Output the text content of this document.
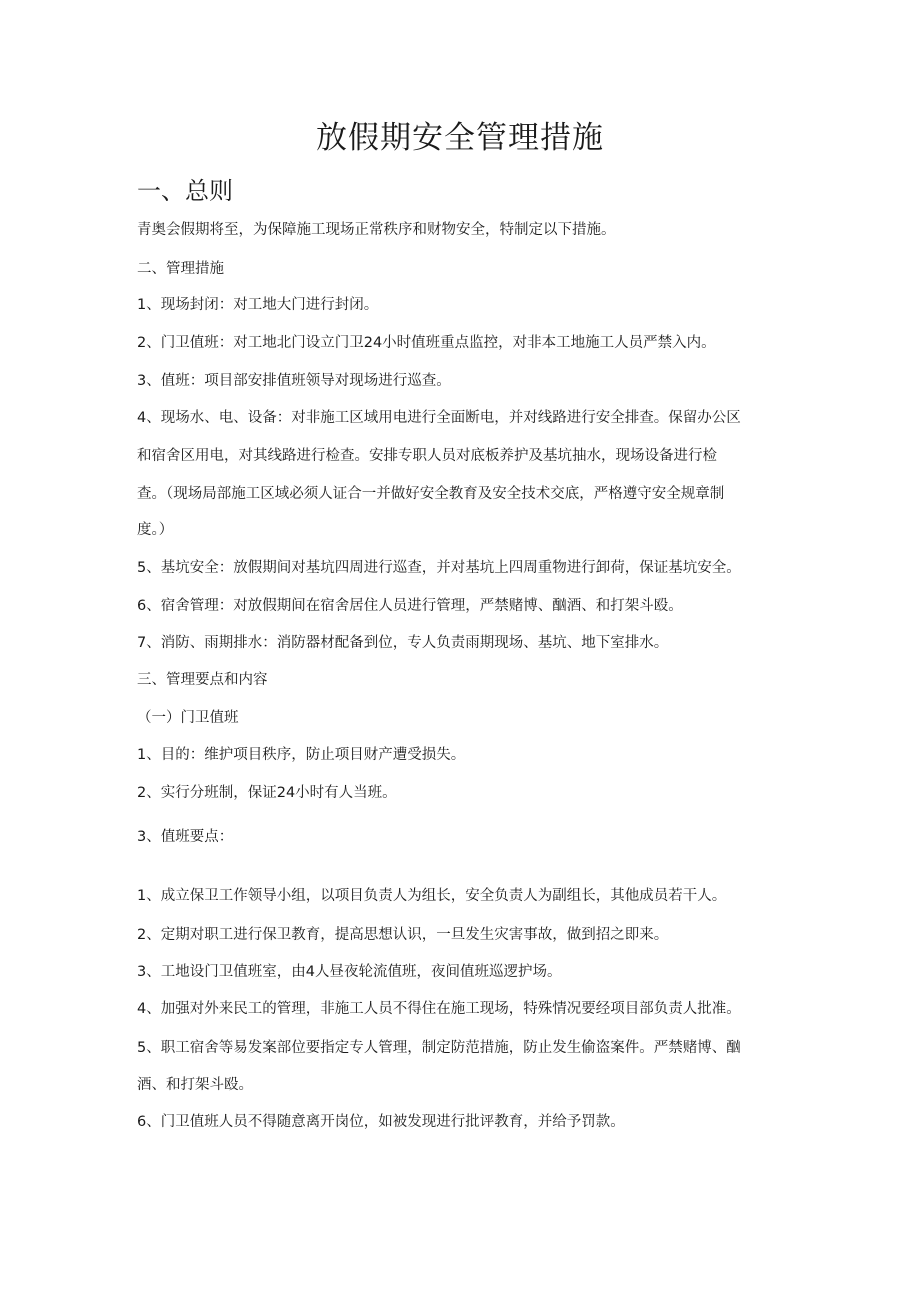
放假期安全管理措施
一、总则

青奥会假期将至，为保障施工现场正常秩序和财物安全，特制定以下措施。

二、管理措施

1、现场封闭：对工地大门进行封闭。

2、门卫值班：对工地北门设立门卫24小时值班重点监控，对非本工地施工人员严禁入内。

3、值班：项目部安排值班领导对现场进行巡查。

4、现场水、电、设备：对非施工区域用电进行全面断电，并对线路进行安全排查。保留办公区

和宿舍区用电，对其线路进行检查。安排专职人员对底板养护及基坑抽水，现场设备进行检

查。（现场局部施工区域必须人证合一并做好安全教育及安全技术交底，严格遵守安全规章制

度。）

5、基坑安全：放假期间对基坑四周进行巡查，并对基坑上四周重物进行卸荷，保证基坑安全。

6、宿舍管理：对放假期间在宿舍居住人员进行管理，严禁赌博、酗酒、和打架斗殴。

7、消防、雨期排水：消防器材配备到位，专人负责雨期现场、基坑、地下室排水。

三、管理要点和内容

（一）门卫值班

1、目的：维护项目秩序，防止项目财产遭受损失。

2、实行分班制，保证24小时有人当班。

3、值班要点：

1、成立保卫工作领导小组，以项目负责人为组长，安全负责人为副组长，其他成员若干人。

2、定期对职工进行保卫教育，提高思想认识，一旦发生灾害事故，做到招之即来。

3、工地设门卫值班室，由4人昼夜轮流值班，夜间值班巡逻护场。

4、加强对外来民工的管理，非施工人员不得住在施工现场，特殊情况要经项目部负责人批准。

5、职工宿舍等易发案部位要指定专人管理，制定防范措施，防止发生偷盗案件。严禁赌博、酗

酒、和打架斗殴。

6、门卫值班人员不得随意离开岗位，如被发现进行批评教育，并给予罚款。
